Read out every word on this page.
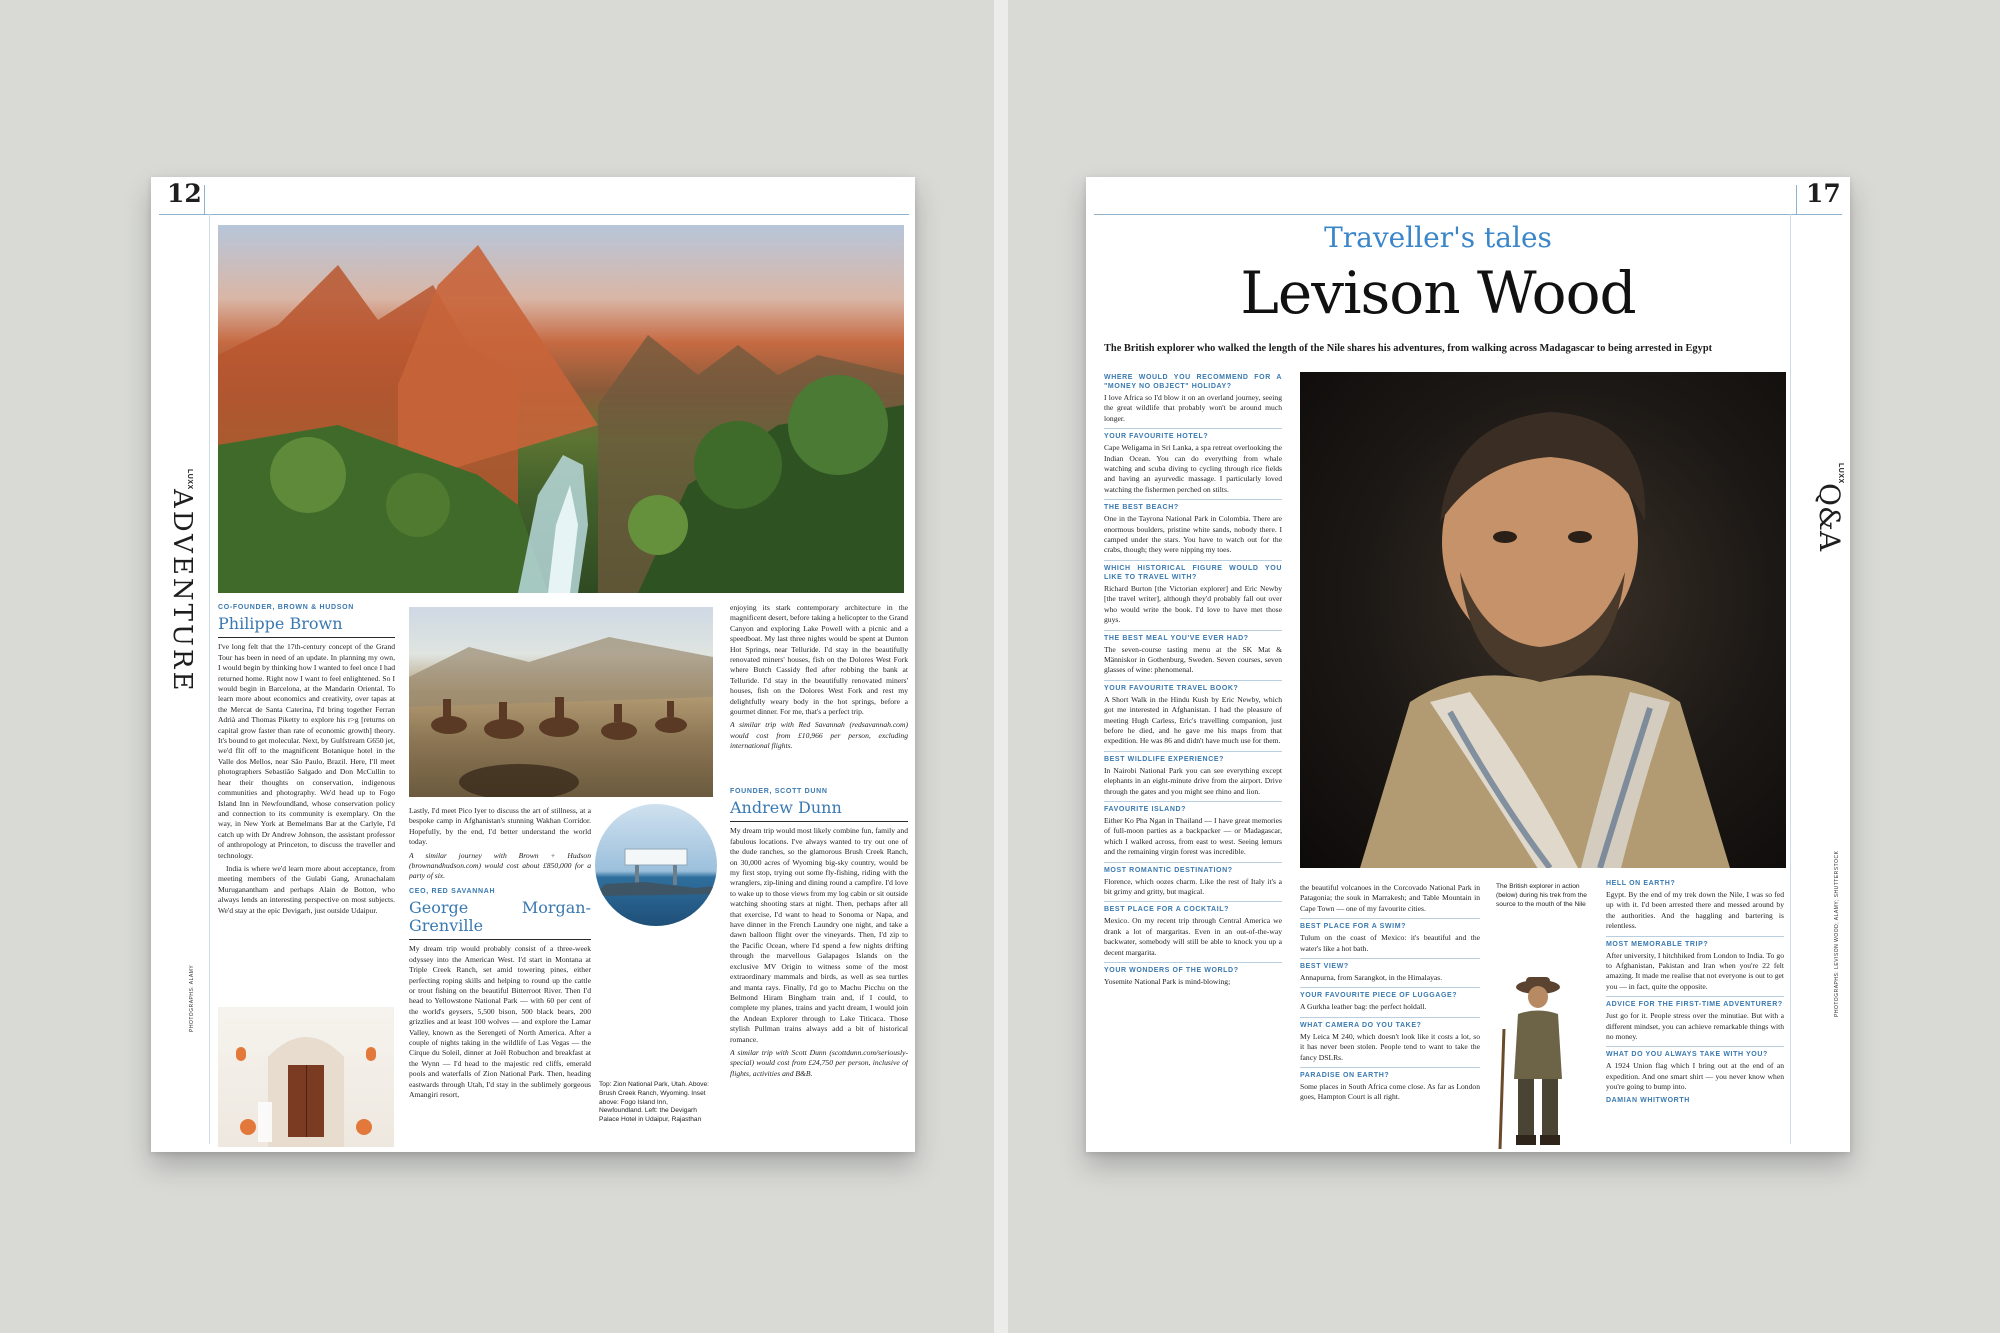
12
LUXX
ADVENTURE
PHOTOGRAPHS: ALAMY
CO-FOUNDER, BROWN & HUDSON
Philippe Brown

I've long felt that the 17th-century concept of the Grand Tour has been in need of an update. In planning my own, I would begin by thinking how I wanted to feel once I had returned home. Right now I want to feel enlightened. So I would begin in Barcelona, at the Mandarin Oriental. To learn more about economics and creativity, over tapas at the Mercat de Santa Caterina, I'd bring together Ferran Adrià and Thomas Piketty to explore his r>g [returns on capital grow faster than rate of economic growth] theory. It's bound to get molecular. Next, by Gulfstream G650 jet, we'd flit off to the magnificent Botanique hotel in the Valle dos Mellos, near São Paulo, Brazil. Here, I'll meet photographers Sebastião Salgado and Don McCullin to hear their thoughts on conservation, indigenous communities and photography. We'd head up to Fogo Island Inn in Newfoundland, whose conservation policy and connection to its community is exemplary. On the way, in New York at Bemelmans Bar at the Carlyle, I'd catch up with Dr Andrew Johnson, the assistant professor of anthropology at Princeton, to discuss the traveller and technology.

India is where we'd learn more about acceptance, from meeting members of the Gulabi Gang, Arunachalam Muruganantham and perhaps Alain de Botton, who always lends an interesting perspective on most subjects. We'd stay at the epic Devigarh, just outside Udaipur.

Lastly, I'd meet Pico Iyer to discuss the art of stillness, at a bespoke camp in Afghanistan's stunning Wakhan Corridor. Hopefully, by the end, I'd better understand the world today.

A similar journey with Brown + Hudson (brownandhudson.com) would cost about £850,000 for a party of six.

CEO, RED SAVANNAH
George Morgan-Grenville

My dream trip would probably consist of a three-week odyssey into the American West. I'd start in Montana at Triple Creek Ranch, set amid towering pines, either perfecting roping skills and helping to round up the cattle or trout fishing on the beautiful Bitterroot River. Then I'd head to Yellowstone National Park — with 60 per cent of the world's geysers, 5,500 bison, 500 black bears, 200 grizzlies and at least 100 wolves — and explore the Lamar Valley, known as the Serengeti of North America. After a couple of nights taking in the wildlife of Las Vegas — the Cirque du Soleil, dinner at Joël Robuchon and breakfast at the Wynn — I'd head to the majestic red cliffs, emerald pools and waterfalls of Zion National Park. Then, heading eastwards through Utah, I'd stay in the sublimely gorgeous Amangiri resort,

Top: Zion National Park, Utah. Above: Brush Creek Ranch, Wyoming. Inset above: Fogo Island Inn, Newfoundland. Left: the Devigarh Palace Hotel in Udaipur, Rajasthan

enjoying its stark contemporary architecture in the magnificent desert, before taking a helicopter to the Grand Canyon and exploring Lake Powell with a picnic and a speedboat. My last three nights would be spent at Dunton Hot Springs, near Telluride. I'd stay in the beautifully renovated miners' houses, fish on the Dolores West Fork where Butch Cassidy fled after robbing the bank at Telluride. I'd stay in the beautifully renovated miners' houses, fish on the Dolores West Fork and rest my delightfully weary body in the hot springs, before a gourmet dinner. For me, that's a perfect trip.

A similar trip with Red Savannah (redsavannah.com) would cost from £10,966 per person, excluding international flights.

FOUNDER, SCOTT DUNN
Andrew Dunn

My dream trip would most likely combine fun, family and fabulous locations. I've always wanted to try out one of the dude ranches, so the glamorous Brush Creek Ranch, on 30,000 acres of Wyoming big-sky country, would be my first stop, trying out some fly-fishing, riding with the wranglers, zip-lining and dining round a campfire. I'd love to wake up to those views from my log cabin or sit outside watching shooting stars at night. Then, perhaps after all that exercise, I'd want to head to Sonoma or Napa, and have dinner in the French Laundry one night, and take a dawn balloon flight over the vineyards. Then, I'd zip to the Pacific Ocean, where I'd spend a few nights drifting through the marvellous Galapagos Islands on the exclusive MV Origin to witness some of the most extraordinary mammals and birds, as well as sea turtles and manta rays. Finally, I'd go to Machu Picchu on the Belmond Hiram Bingham train and, if I could, to complete my planes, trains and yacht dream, I would join the Andean Explorer through to Lake Titicaca. Those stylish Pullman trains always add a bit of historical romance.

A similar trip with Scott Dunn (scottdunn.com/seriously-special) would cost from £24,750 per person, inclusive of flights, activities and B&B.

17
Traveller's tales
Levison Wood
The British explorer who walked the length of the Nile shares his adventures, from walking across Madagascar to being arrested in Egypt
LUXX
Q&A
PHOTOGRAPHS: LEVISON WOOD; ALAMY; SHUTTERSTOCK
The British explorer in action (below) during his trek from the source to the mouth of the Nile
WHERE WOULD YOU RECOMMEND FOR A "MONEY NO OBJECT" HOLIDAY?

I love Africa so I'd blow it on an overland journey, seeing the great wildlife that probably won't be around much longer.

YOUR FAVOURITE HOTEL?

Cape Weligama in Sri Lanka, a spa retreat overlooking the Indian Ocean. You can do everything from whale watching and scuba diving to cycling through rice fields and having an ayurvedic massage. I particularly loved watching the fishermen perched on stilts.

THE BEST BEACH?

One in the Tayrona National Park in Colombia. There are enormous boulders, pristine white sands, nobody there. I camped under the stars. You have to watch out for the crabs, though; they were nipping my toes.

WHICH HISTORICAL FIGURE WOULD YOU LIKE TO TRAVEL WITH?

Richard Burton [the Victorian explorer] and Eric Newby [the travel writer], although they'd probably fall out over who would write the book. I'd love to have met those guys.

THE BEST MEAL YOU'VE EVER HAD?

The seven-course tasting menu at the SK Mat & Människor in Gothenburg, Sweden. Seven courses, seven glasses of wine: phenomenal.

YOUR FAVOURITE TRAVEL BOOK?

A Short Walk in the Hindu Kush by Eric Newby, which got me interested in Afghanistan. I had the pleasure of meeting Hugh Carless, Eric's travelling companion, just before he died, and he gave me his maps from that expedition. He was 86 and didn't have much use for them.

BEST WILDLIFE EXPERIENCE?

In Nairobi National Park you can see everything except elephants in an eight-minute drive from the airport. Drive through the gates and you might see rhino and lion.

FAVOURITE ISLAND?

Either Ko Pha Ngan in Thailand — I have great memories of full-moon parties as a backpacker — or Madagascar, which I walked across, from east to west. Seeing lemurs and the remaining virgin forest was incredible.

MOST ROMANTIC DESTINATION?

Florence, which oozes charm. Like the rest of Italy it's a bit grimy and gritty, but magical.

BEST PLACE FOR A COCKTAIL?

Mexico. On my recent trip through Central America we drank a lot of margaritas. Even in an out-of-the-way backwater, somebody will still be able to knock you up a decent margarita.

YOUR WONDERS OF THE WORLD?

Yosemite National Park is mind-blowing;

the beautiful volcanoes in the Corcovado National Park in Patagonia; the souk in Marrakesh; and Table Mountain in Cape Town — one of my favourite cities.

BEST PLACE FOR A SWIM?

Tulum on the coast of Mexico: it's beautiful and the water's like a hot bath.

BEST VIEW?

Annapurna, from Sarangkot, in the Himalayas.

YOUR FAVOURITE PIECE OF LUGGAGE?

A Gurkha leather bag: the perfect holdall.

WHAT CAMERA DO YOU TAKE?

My Leica M 240, which doesn't look like it costs a lot, so it has never been stolen. People tend to want to take the fancy DSLRs.

PARADISE ON EARTH?

Some places in South Africa come close. As far as London goes, Hampton Court is all right.

HELL ON EARTH?

Egypt. By the end of my trek down the Nile, I was so fed up with it. I'd been arrested there and messed around by the authorities. And the haggling and bartering is relentless.

MOST MEMORABLE TRIP?

After university, I hitchhiked from London to India. To go to Afghanistan, Pakistan and Iran when you're 22 felt amazing. It made me realise that not everyone is out to get you — in fact, quite the opposite.

ADVICE FOR THE FIRST-TIME ADVENTURER?

Just go for it. People stress over the minutiae. But with a different mindset, you can achieve remarkable things with no money.

WHAT DO YOU ALWAYS TAKE WITH YOU?

A 1924 Union flag which I bring out at the end of an expedition. And one smart shirt — you never know when you're going to bump into.

DAMIAN WHITWORTH
